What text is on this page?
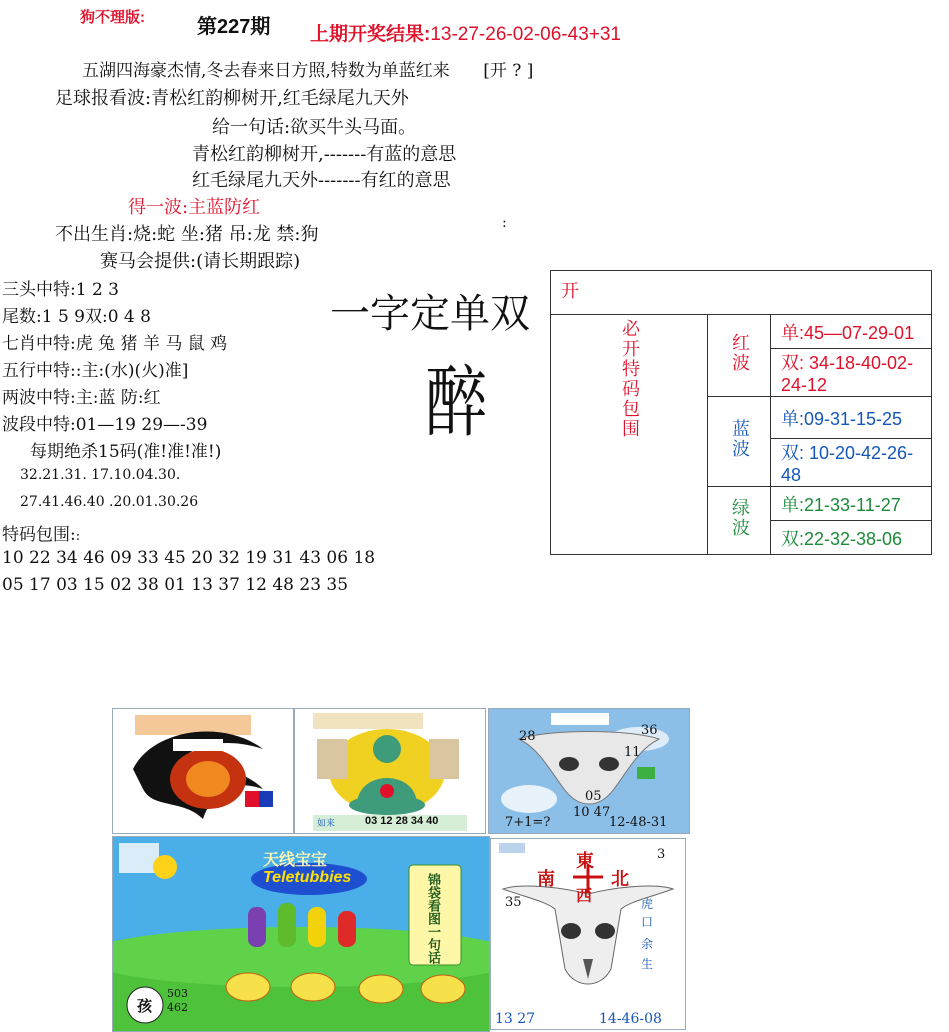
狗不理版:	第227期 上期开奖结果:13-27-26-02-06-43+31
五湖四海豪杰情,冬去春来日方照,特数为单蓝红来 [开 ? ]
足球报看波:青松红韵柳树开,红毛绿尾九天外
给一句话:欲买牛头马面。
青松红韵柳树开,-------有蓝的意思
红毛绿尾九天外-------有红的意思
得一波:主蓝防红
不出生肖:烧:蛇 坐:猪 吊:龙 禁:狗
:
赛马会提供:(请长期跟踪)
三头中特:1 2 3
尾数:1 5 9双:0 4 8
七肖中特:虎 兔 猪 羊 马 鼠 鸡
五行中特::主:(水)(火)准]
两波中特:主:蓝 防:红
波段中特:01—19 29—-39
每期绝杀15码(准!准!准!)
32.21.31. 17.10.04.30.
27.41.46.40 .20.01.30.26
特码包围::
10 22 34 46 09 33 45 20 32 19 31 43 06 18
05 17 03 15 02 38 01 13 37 12 48 23 35
一字定单双
醉
开		
必开特码包围	红波	单:45—07-29-01
		双: 34-18-40-02-24-12
	蓝波	单:09-31-15-25
		双: 10-20-42-26-48
	绿波	单:21-33-11-27
		双:22-32-38-06
如来	03 12 28 34 40
28	36
11
05
10 47
7+1=?	12-48-31
天线宝宝
Teletubbies	锦袋看图一句话
孩
503
462
東
南	北
西
35
3
虎
口
余
生
13 27	14-46-08
